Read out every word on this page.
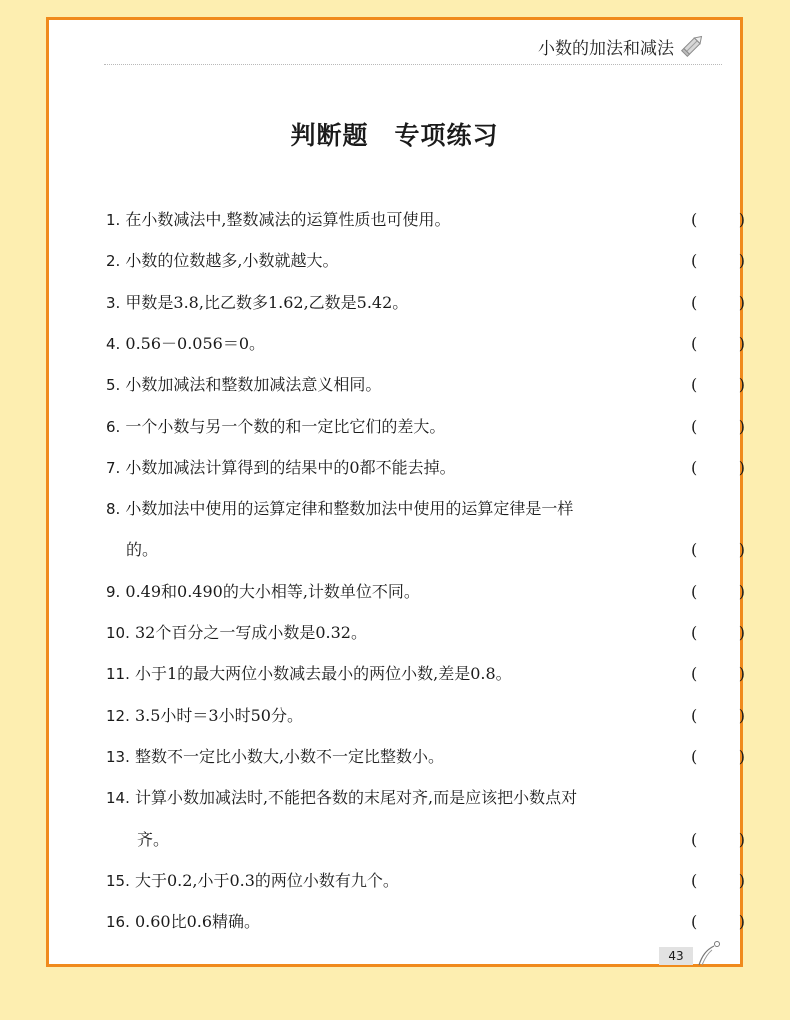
小数的加法和减法
判断题　专项练习
1. 在小数减法中,整数减法的运算性质也可使用。	(	)
2. 小数的位数越多,小数就越大。	(	)
3. 甲数是3.8,比乙数多1.62,乙数是5.42。	(	)
4. 0.56－0.056＝0。	(	)
5. 小数加减法和整数加减法意义相同。	(	)
6. 一个小数与另一个数的和一定比它们的差大。	(	)
7. 小数加减法计算得到的结果中的0都不能去掉。	(	)
8. 小数加法中使用的运算定律和整数加法中使用的运算定律是一样
的。	(	)
9. 0.49和0.490的大小相等,计数单位不同。	(	)
10. 32个百分之一写成小数是0.32。	(	)
11. 小于1的最大两位小数减去最小的两位小数,差是0.8。	(	)
12. 3.5小时＝3小时50分。	(	)
13. 整数不一定比小数大,小数不一定比整数小。	(	)
14. 计算小数加减法时,不能把各数的末尾对齐,而是应该把小数点对
齐。	(	)
15. 大于0.2,小于0.3的两位小数有九个。	(	)
16. 0.60比0.6精确。	(	)
43
